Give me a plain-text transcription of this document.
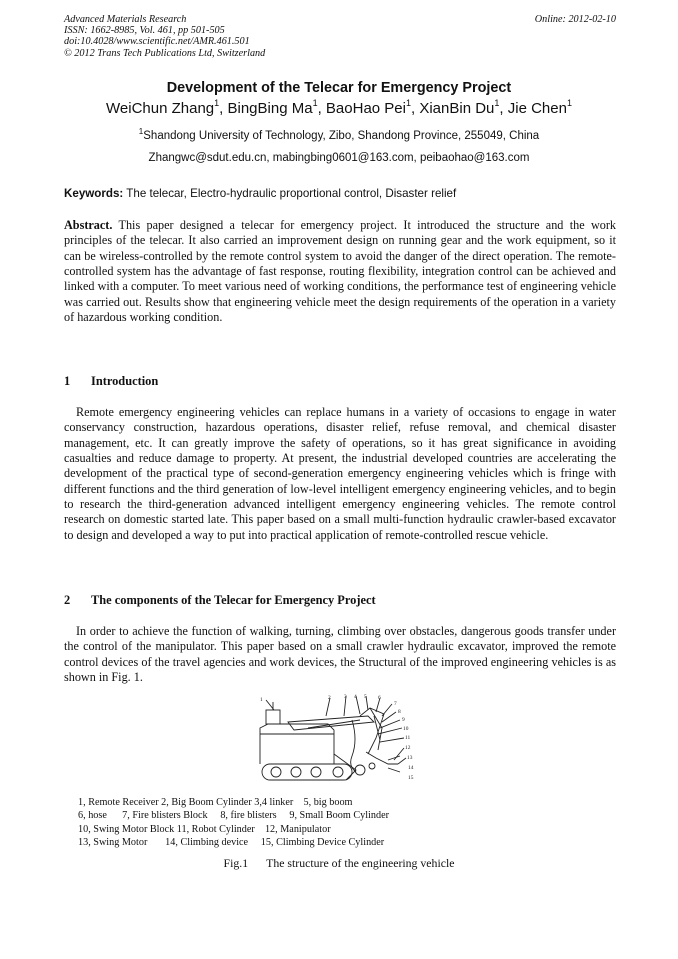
Advanced Materials Research
ISSN: 1662-8985, Vol. 461, pp 501-505
doi:10.4028/www.scientific.net/AMR.461.501
© 2012 Trans Tech Publications Ltd, Switzerland
Online: 2012-02-10
Development of the Telecar for Emergency Project
WeiChun Zhang$^1$, BingBing Ma$^1$, BaoHao Pei$^1$, XianBin Du$^1$, Jie Chen$^1$
$^1$Shandong University of Technology, Zibo, Shandong Province, 255049, China
Zhangwc@sdut.edu.cn, mabingbing0601@163.com, peibaohao@163.com
Keywords: The telecar, Electro-hydraulic proportional control, Disaster relief

Abstract. This paper designed a telecar for emergency project. It introduced the structure and the work principles of the telecar. It also carried an improvement design on running gear and the work equipment, so it can be wireless-controlled by the remote control system to avoid the danger of the direct operation. The remote-controlled system has the advantage of fast response, routing flexibility, integration control can be achieved and linked with a computer. To meet various need of working conditions, the performance test of engineering vehicle was carried out. Results show that engineering vehicle meet the design requirements of the operation in a variety of hazardous working condition.

1 Introduction

Remote emergency engineering vehicles can replace humans in a variety of occasions to engage in water conservancy construction, hazardous operations, disaster relief, refuse removal, and chemical disaster management, etc. It can greatly improve the safety of operations, so it has great significance in avoiding casualties and reduce damage to property. At present, the industrial developed countries are accelerating the development of the practical type of second-generation emergency engineering vehicles which is fringe with different functions and the third generation of low-level intelligent emergency engineering vehicles, and to begin to research the third-generation advanced intelligent emergency engineering vehicles. The remote control research on domestic started late. This paper based on a small multi-function hydraulic crawler-based excavator to design and developed a way to put into practical application of remote-controlled rescue vehicle.

2 The components of the Telecar for Emergency Project

In order to achieve the function of walking, turning, climbing over obstacles, dangerous goods transfer under the control of the manipulator. This paper based on a small crawler hydraulic excavator, improved the remote control devices of the travel agencies and work devices, the Structural of the improved engineering vehicles is as shown in Fig. 1.

1	2 3 4 5 6
7
8
9
10
11
12
13
14
15
1, Remote Receiver 2, Big Boom Cylinder 3,4 linker    5, big boom
6, hose      7, Fire blisters Block     8, fire blisters     9, Small Boom Cylinder
10, Swing Motor Block 11, Robot Cylinder    12, Manipulator
13, Swing Motor       14, Climbing device     15, Climbing Device Cylinder
Fig.1 The structure of the engineering vehicle
